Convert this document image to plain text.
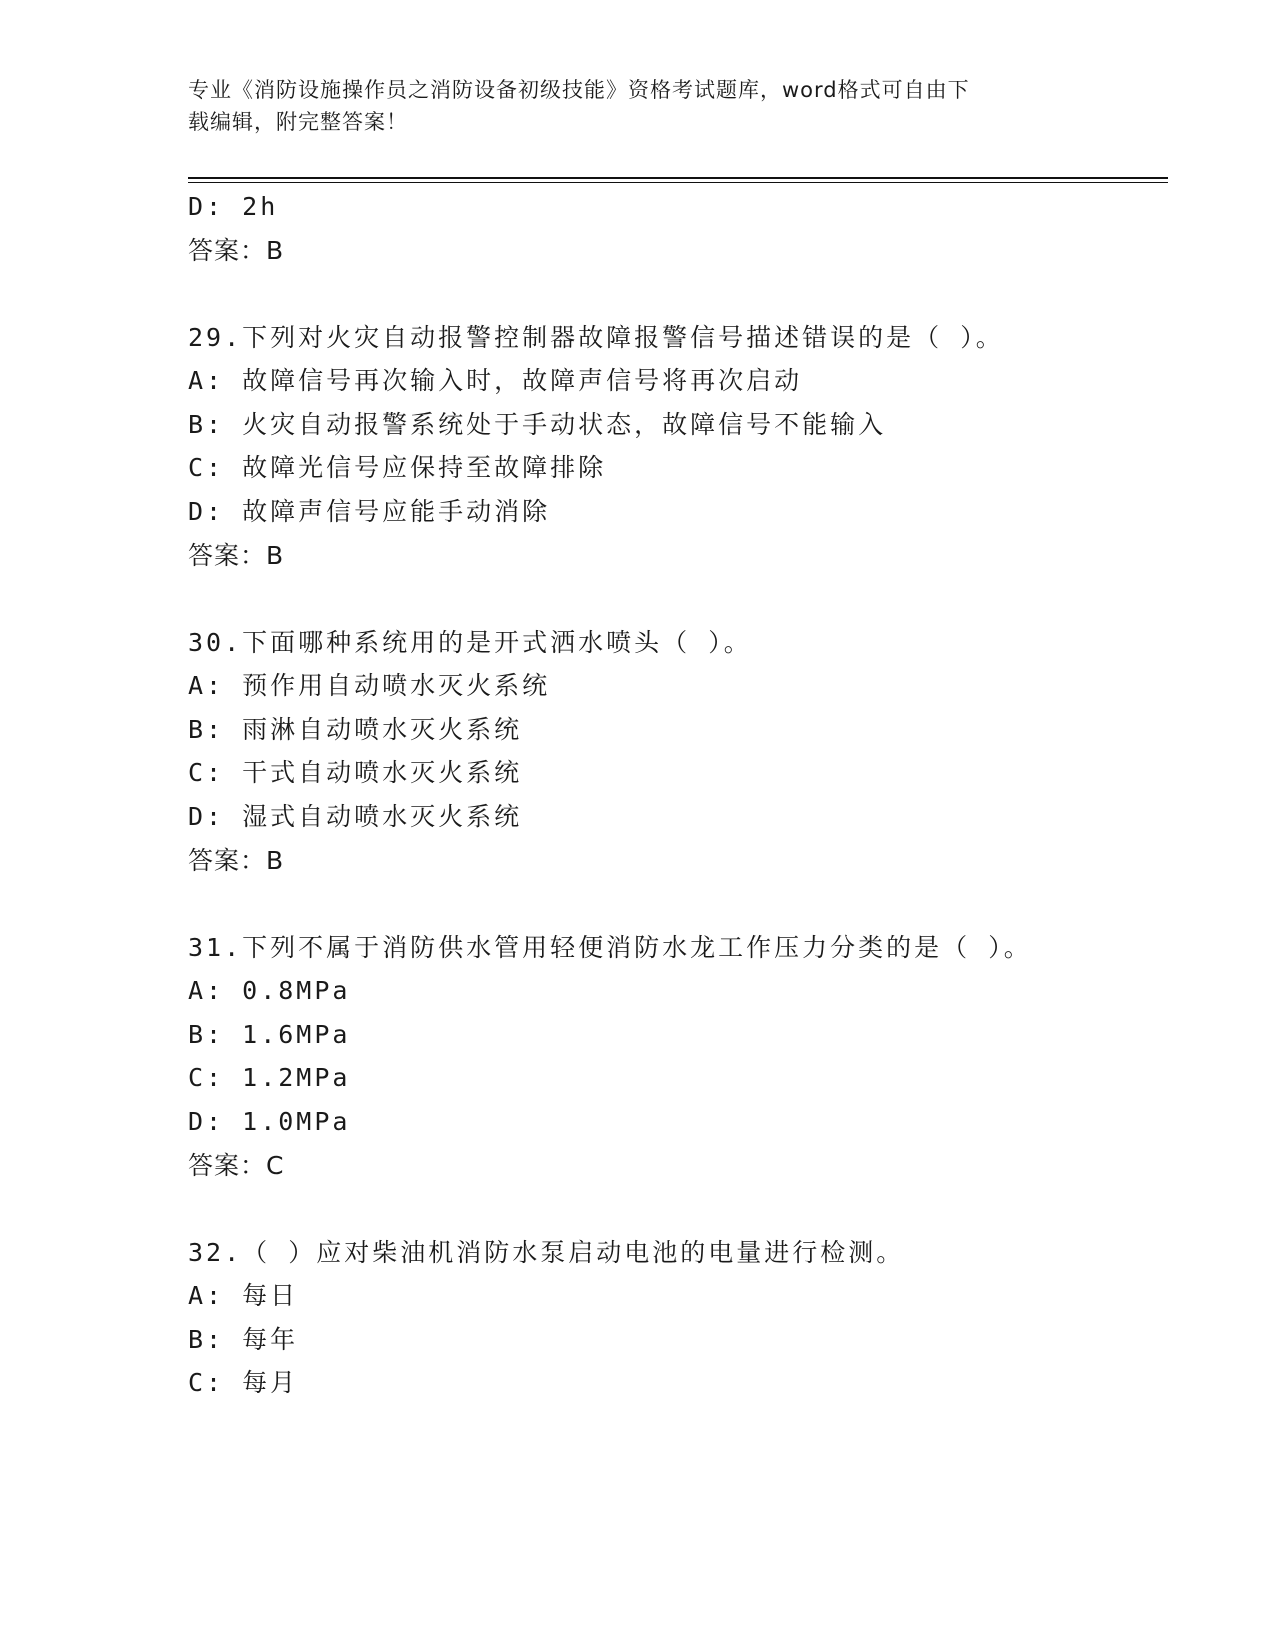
专业《消防设施操作员之消防设备初级技能》资格考试题库，word格式可自由下
载编辑，附完整答案！
D: 2h
答案：B
29.下列对火灾自动报警控制器故障报警信号描述错误的是（ ）。
A: 故障信号再次输入时，故障声信号将再次启动
B: 火灾自动报警系统处于手动状态，故障信号不能输入
C: 故障光信号应保持至故障排除
D: 故障声信号应能手动消除
答案：B
30.下面哪种系统用的是开式洒水喷头（ ）。
A: 预作用自动喷水灭火系统
B: 雨淋自动喷水灭火系统
C: 干式自动喷水灭火系统
D: 湿式自动喷水灭火系统
答案：B
31.下列不属于消防供水管用轻便消防水龙工作压力分类的是（ ）。
A: 0.8MPa
B: 1.6MPa
C: 1.2MPa
D: 1.0MPa
答案：C
32.（ ）应对柴油机消防水泵启动电池的电量进行检测。
A: 每日
B: 每年
C: 每月
